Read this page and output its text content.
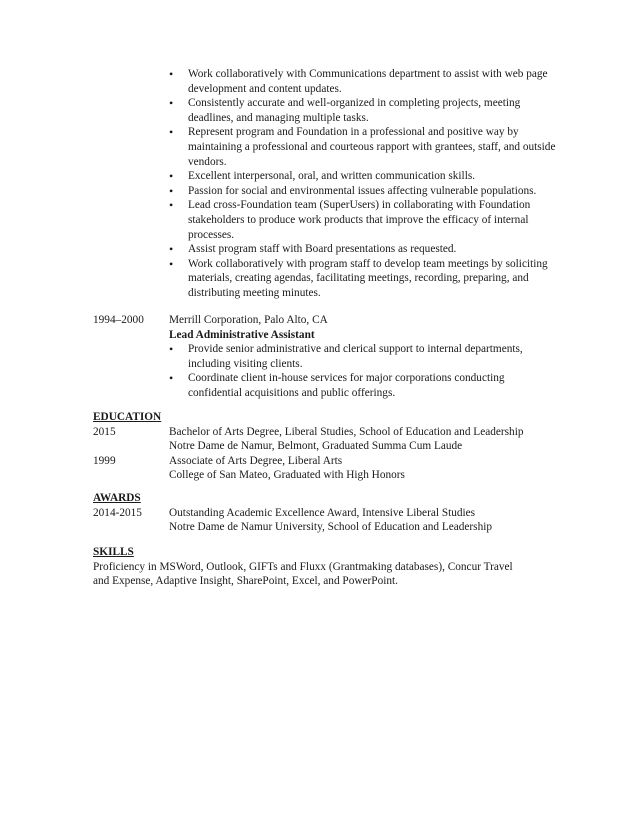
• Work collaboratively with Communications department to assist with web page development and content updates.
• Consistently accurate and well-organized in completing projects, meeting deadlines, and managing multiple tasks.
• Represent program and Foundation in a professional and positive way by maintaining a professional and courteous rapport with grantees, staff, and outside vendors.
• Excellent interpersonal, oral, and written communication skills.
• Passion for social and environmental issues affecting vulnerable populations.
• Lead cross-Foundation team (SuperUsers) in collaborating with Foundation stakeholders to produce work products that improve the efficacy of internal processes.
• Assist program staff with Board presentations as requested.
• Work collaboratively with program staff to develop team meetings by soliciting materials, creating agendas, facilitating meetings, recording, preparing, and distributing meeting minutes.
1994–2000	Merrill Corporation, Palo Alto, CA
Lead Administrative Assistant
• Provide senior administrative and clerical support to internal departments, including visiting clients.
• Coordinate client in-house services for major corporations conducting confidential acquisitions and public offerings.
EDUCATION
2015	Bachelor of Arts Degree, Liberal Studies, School of Education and Leadership
Notre Dame de Namur, Belmont, Graduated Summa Cum Laude
1999	Associate of Arts Degree, Liberal Arts
College of San Mateo, Graduated with High Honors
AWARDS
2014-2015	Outstanding Academic Excellence Award, Intensive Liberal Studies
Notre Dame de Namur University, School of Education and Leadership
SKILLS
Proficiency in MSWord, Outlook, GIFTs and Fluxx (Grantmaking databases), Concur Travel and Expense, Adaptive Insight, SharePoint, Excel, and PowerPoint.
